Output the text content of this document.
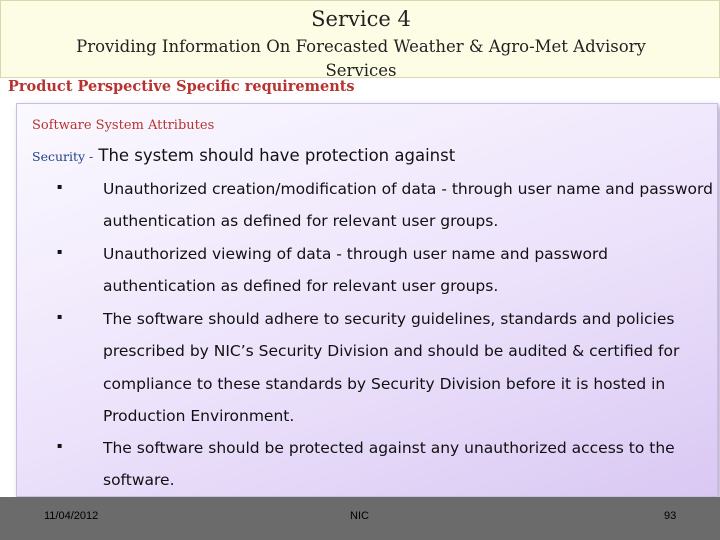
Service 4
Providing Information On Forecasted Weather & Agro-Met Advisory
Services
Product Perspective Specific requirements
Software System Attributes
Security - The system should have protection against
▪	Unauthorized creation/modification of data - through user name and password authentication as defined for relevant user groups.
▪	Unauthorized viewing of data - through user name and password authentication as defined for relevant user groups.
▪	The software should adhere to security guidelines, standards and policies prescribed by NIC’s Security Division and should be audited & certified for compliance to these standards by Security Division before it is hosted in Production Environment.
▪	The software should be protected against any unauthorized access to the software.
11/04/2012	NIC	93
